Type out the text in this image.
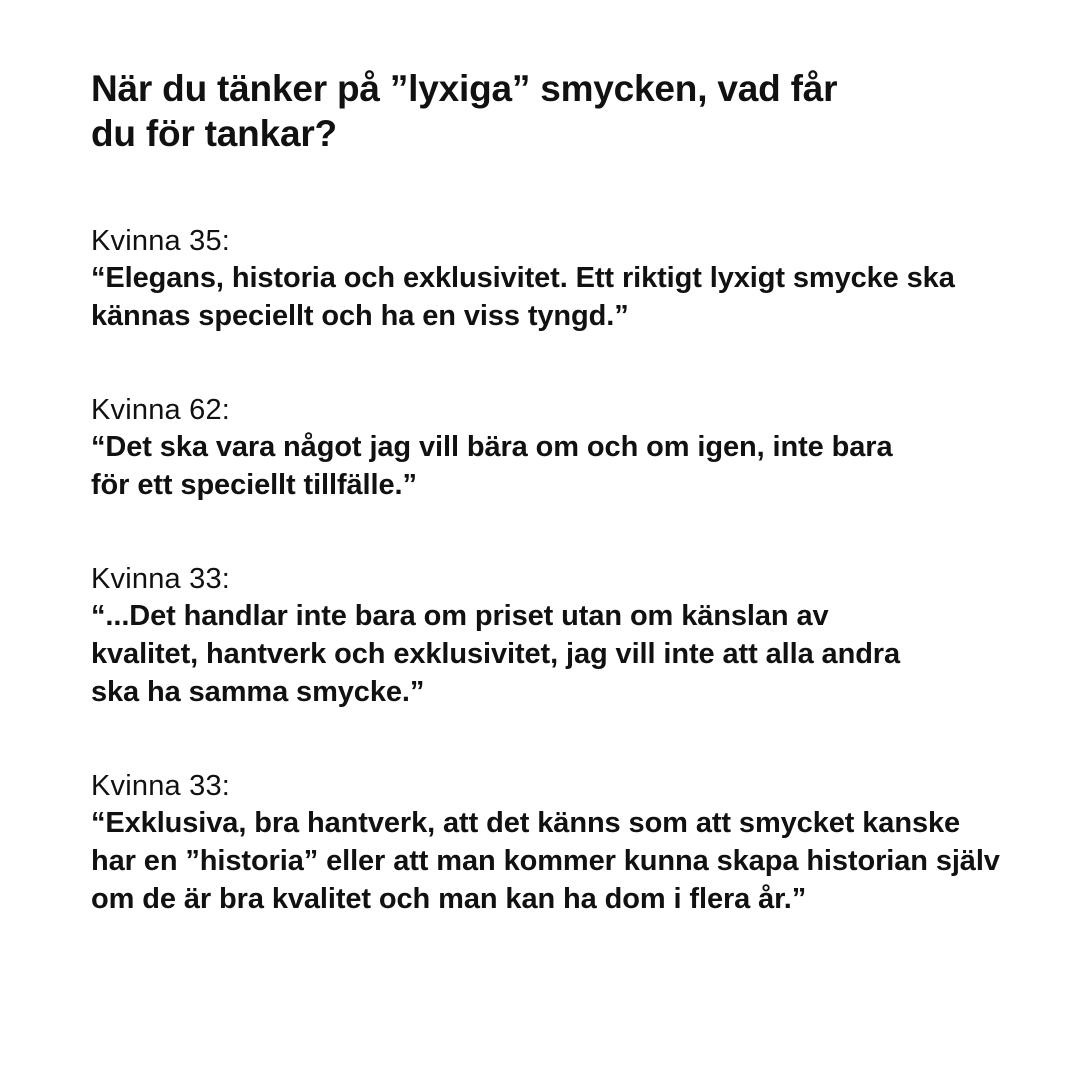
När du tänker på ”lyxiga” smycken, vad får du för tankar?
Kvinna 35:
“Elegans, historia och exklusivitet. Ett riktigt lyxigt smycke ska kännas speciellt och ha en viss tyngd.”
Kvinna 62:
“Det ska vara något jag vill bära om och om igen, inte bara för ett speciellt tillfälle.”
Kvinna 33:
“...Det handlar inte bara om priset utan om känslan av kvalitet, hantverk och exklusivitet, jag vill inte att alla andra ska ha samma smycke.”
Kvinna 33:
“Exklusiva, bra hantverk, att det känns som att smycket kanske har en ”historia” eller att man kommer kunna skapa historian själv om de är bra kvalitet och man kan ha dom i flera år.”
